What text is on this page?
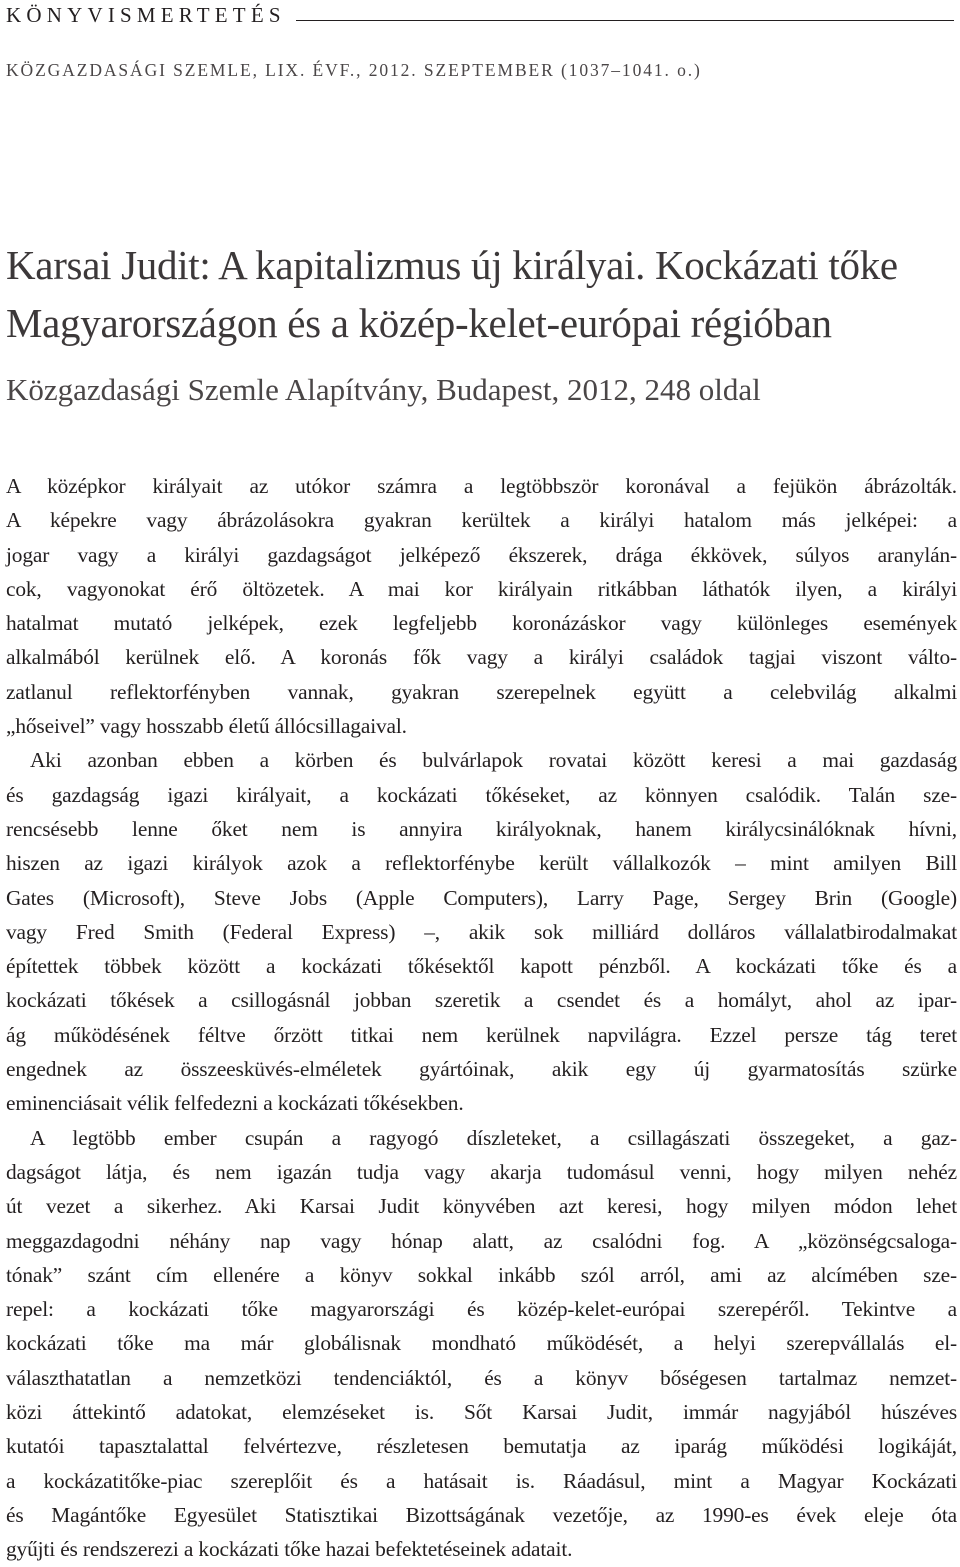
KÖNYVISMERTETÉS
KÖZGAZDASÁGI SZEMLE, LIX. ÉVF., 2012. SZEPTEMBER (1037–1041. o.)
Karsai Judit: A kapitalizmus új királyai. Kockázati tőke
Magyarországon és a közép-kelet-európai régióban
Közgazdasági Szemle Alapítvány, Budapest, 2012, 248 oldal

A középkor királyait az utókor számra a legtöbbször koronával a fejükön ábrázolták.

A képekre vagy ábrázolásokra gyakran kerültek a királyi hatalom más jelképei: a

jogar vagy a királyi gazdagságot jelképező ékszerek, drága ékkövek, súlyos aranylán-

cok, vagyonokat érő öltözetek. A mai kor királyain ritkábban láthatók ilyen, a királyi

hatalmat mutató jelképek, ezek legfeljebb koronázáskor vagy különleges események

alkalmából kerülnek elő. A koronás fők vagy a királyi családok tagjai viszont válto-

zatlanul reflektorfényben vannak, gyakran szerepelnek együtt a celebvilág alkalmi

„hőseivel” vagy hosszabb életű állócsillagaival.

Aki azonban ebben a körben és bulvárlapok rovatai között keresi a mai gazdaság

és gazdagság igazi királyait, a kockázati tőkéseket, az könnyen csalódik. Talán sze-

rencsésebb lenne őket nem is annyira királyoknak, hanem királycsinálóknak hívni,

hiszen az igazi királyok azok a reflektorfénybe került vállalkozók – mint amilyen Bill

Gates (Microsoft), Steve Jobs (Apple Computers), Larry Page, Sergey Brin (Google)

vagy Fred Smith (Federal Express) –, akik sok milliárd dolláros vállalatbirodalmakat

építettek többek között a kockázati tőkésektől kapott pénzből. A kockázati tőke és a

kockázati tőkések a csillogásnál jobban szeretik a csendet és a homályt, ahol az ipar-

ág működésének féltve őrzött titkai nem kerülnek napvilágra. Ezzel persze tág teret

engednek az összeesküvés-elméletek gyártóinak, akik egy új gyarmatosítás szürke

eminenciásait vélik felfedezni a kockázati tőkésekben.

A legtöbb ember csupán a ragyogó díszleteket, a csillagászati összegeket, a gaz-

dagságot látja, és nem igazán tudja vagy akarja tudomásul venni, hogy milyen nehéz

út vezet a sikerhez. Aki Karsai Judit könyvében azt keresi, hogy milyen módon lehet

meggazdagodni néhány nap vagy hónap alatt, az csalódni fog. A „közönségcsaloga-

tónak” szánt cím ellenére a könyv sokkal inkább szól arról, ami az alcímében sze-

repel: a kockázati tőke magyarországi és közép-kelet-európai szerepéről. Tekintve a

kockázati tőke ma már globálisnak mondható működését, a helyi szerepvállalás el-

választhatatlan a nemzetközi tendenciáktól, és a könyv bőségesen tartalmaz nemzet-

közi áttekintő adatokat, elemzéseket is. Sőt Karsai Judit, immár nagyjából húszéves

kutatói tapasztalattal felvértezve, részletesen bemutatja az iparág működési logikáját,

a kockázatitőke-piac szereplőit és a hatásait is. Ráadásul, mint a Magyar Kockázati

és Magántőke Egyesület Statisztikai Bizottságának vezetője, az 1990-es évek eleje óta

gyűjti és rendszerezi a kockázati tőke hazai befektetéseinek adatait.
